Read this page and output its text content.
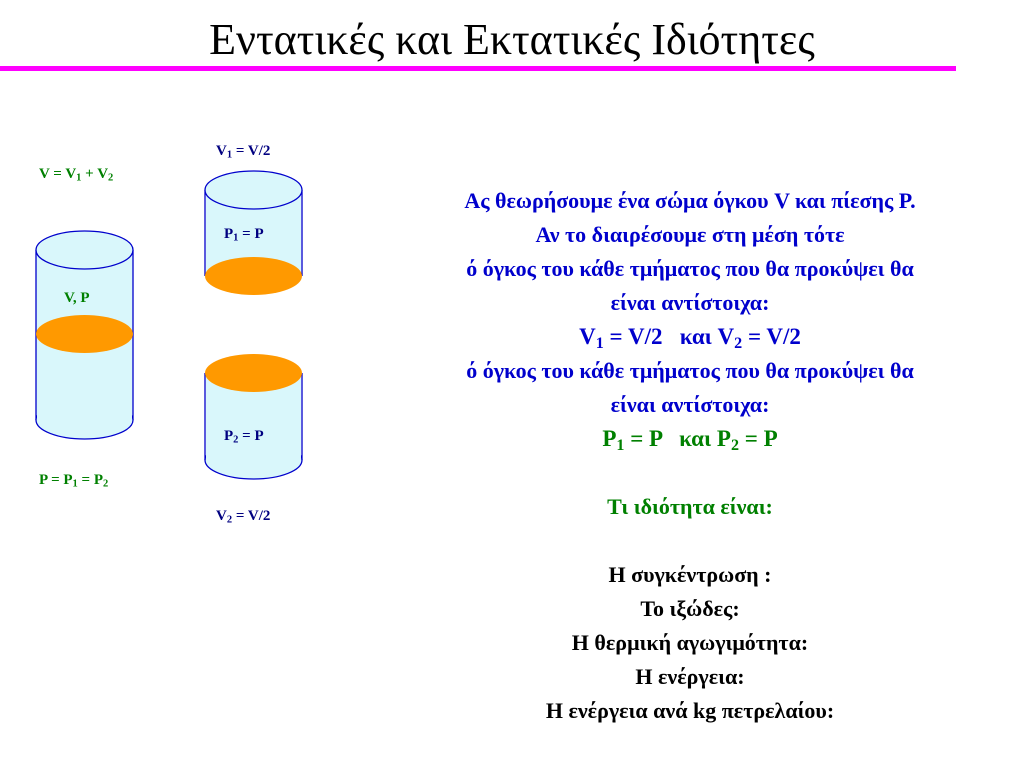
Εντατικές και Εκτατικές Ιδιότητες
$V = V_1 + V_2$
V, P
$P = P_1 = P_2$
$V_1 = V/2$
$P_1 = P$
$P_2 = P$
$V_2 = V/2$
Ας θεωρήσουμε ένα σώμα όγκου V και πίεσης P.
Αν το διαιρέσουμε στη μέση τότε
ό όγκος του κάθε τμήματος που θα προκύψει θα
είναι αντίστοιχα:
$V_1 = V/2$   και $V_2 = V/2$
ό όγκος του κάθε τμήματος που θα προκύψει θα
είναι αντίστοιχα:
$P_1 = P$   και $P_2 = P$
Τι ιδιότητα είναι:
Η συγκέντρωση :
Το ιξώδες:
Η θερμική αγωγιμότητα:
Η ενέργεια:
Η ενέργεια ανά kg πετρελαίου:
